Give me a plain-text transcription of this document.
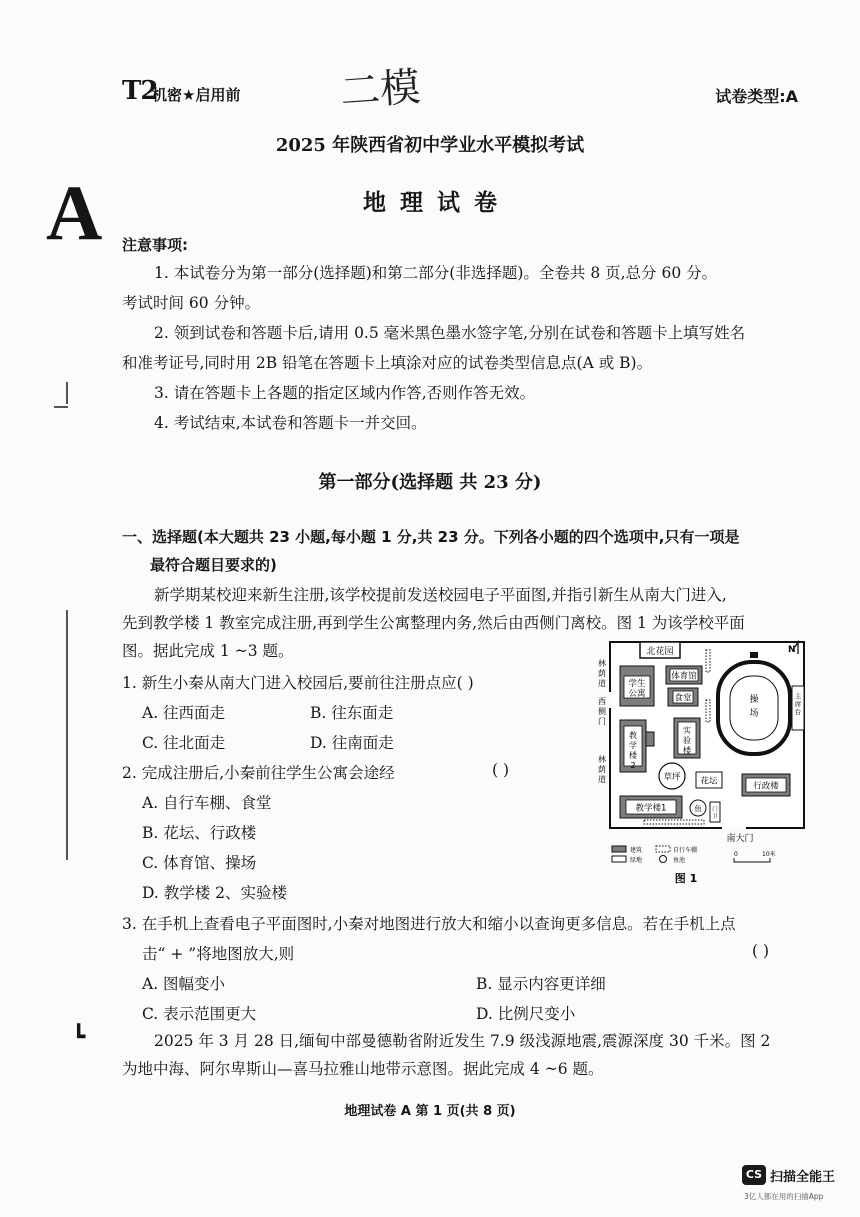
T2
机密★启用前 二模	试卷类型:A
A
┗
2025 年陕西省初中学业水平模拟考试
地理试卷
注意事项:
1. 本试卷分为第一部分(选择题)和第二部分(非选择题)。全卷共 8 页,总分 60 分。
考试时间 60 分钟。
2. 领到试卷和答题卡后,请用 0.5 毫米黑色墨水签字笔,分别在试卷和答题卡上填写姓名
和准考证号,同时用 2B 铅笔在答题卡上填涂对应的试卷类型信息点(A 或 B)。
3. 请在答题卡上各题的指定区域内作答,否则作答无效。
4. 考试结束,本试卷和答题卡一并交回。
第一部分(选择题 共 23 分)
一、选择题(本大题共 23 小题,每小题 1 分,共 23 分。下列各小题的四个选项中,只有一项是
最符合题目要求的)
新学期某校迎来新生注册,该学校提前发送校园电子平面图,并指引新生从南大门进入,
先到教学楼 1 教室完成注册,再到学生公寓整理内务,然后由西侧门离校。图 1 为该学校平面
图。据此完成 1 ~3 题。
1. 新生小秦从南大门进入校园后,要前往注册点应( )
A. 往西面走	B. 往东面走
C. 往北面走	D. 往南面走
2. 完成注册后,小秦前往学生公寓会途经	( )
A. 自行车棚、食堂
B. 花坛、行政楼
C. 体育馆、操场
D. 教学楼 2、实验楼
3. 在手机上查看电子平面图时,小秦对地图进行放大和缩小以查询更多信息。若在手机上点
击“ + ”将地图放大,则	( )
A. 图幅变小	B. 显示内容更详细
C. 表示范围更大	D. 比例尺变小
2025 年 3 月 28 日,缅甸中部曼德勒省附近发生 7.9 级浅源地震,震源深度 30 千米。图 2
为地中海、阿尔卑斯山—喜马拉雅山地带示意图。据此完成 4 ~6 题。
北花园	N
林荫道
西侧门
林荫道
学生公寓
体育馆
食堂
教学楼 2
实验楼
操场
主席台
草坪 花坛	行政楼
教学楼1	鱼 门卫
南大门
建筑	自行车棚
绿地	鱼池
0	10米
图 1
地理试卷 A 第 1 页(共 8 页)
CS 扫描全能王
3亿人都在用的扫描App
